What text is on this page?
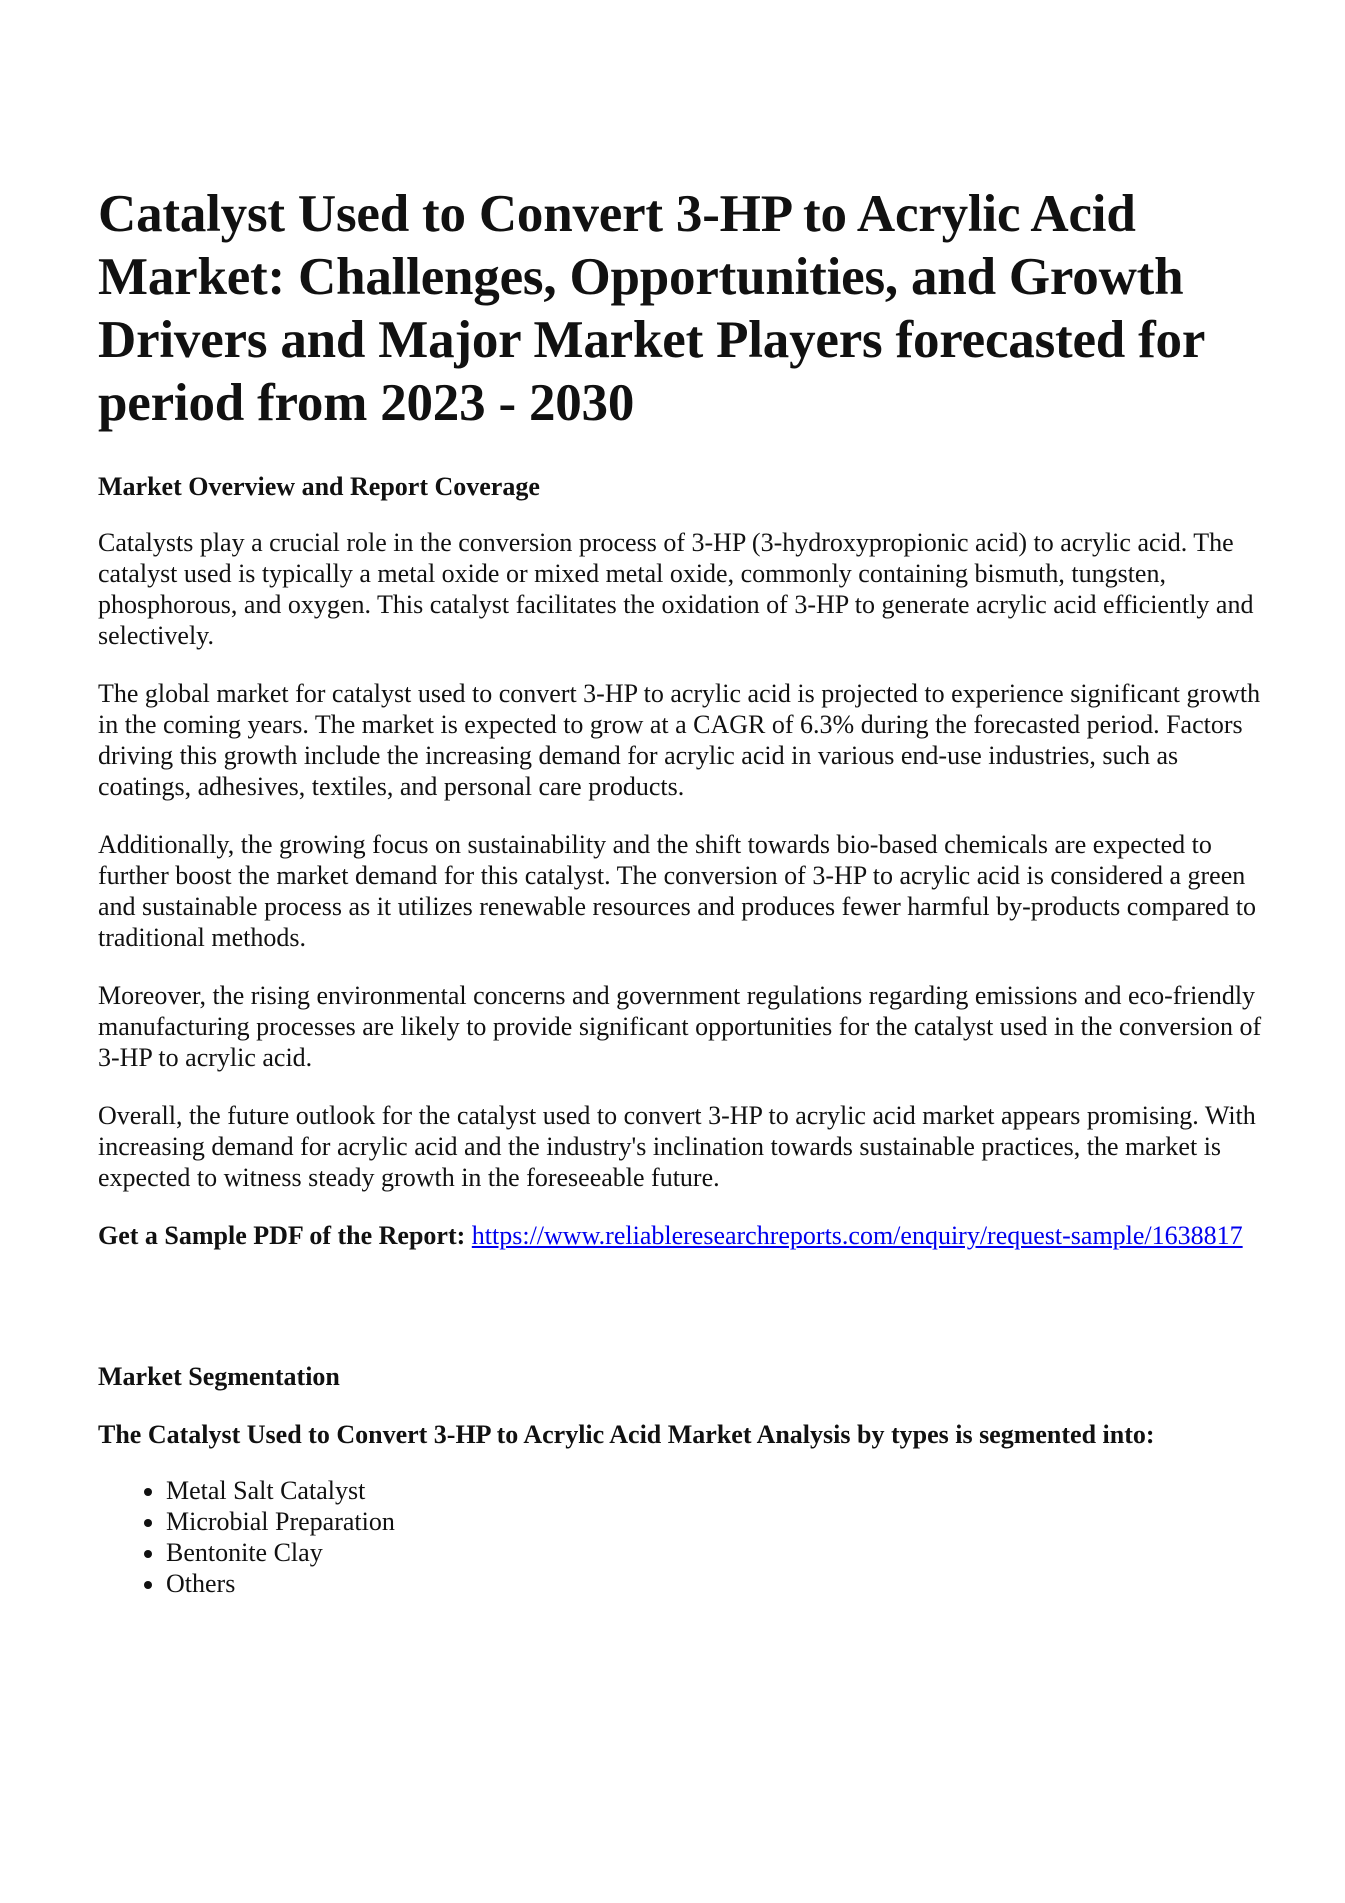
Catalyst Used to Convert 3-HP to Acrylic Acid Market: Challenges, Opportunities, and Growth Drivers and Major Market Players forecasted for period from 2023 - 2030
Market Overview and Report Coverage

Catalysts play a crucial role in the conversion process of 3-HP (3-hydroxypropionic acid) to acrylic acid. The catalyst used is typically a metal oxide or mixed metal oxide, commonly containing bismuth, tungsten, phosphorous, and oxygen. This catalyst facilitates the oxidation of 3-HP to generate acrylic acid efficiently and selectively.

The global market for catalyst used to convert 3-HP to acrylic acid is projected to experience significant growth in the coming years. The market is expected to grow at a CAGR of 6.3% during the forecasted period. Factors driving this growth include the increasing demand for acrylic acid in various end-use industries, such as coatings, adhesives, textiles, and personal care products.

Additionally, the growing focus on sustainability and the shift towards bio-based chemicals are expected to further boost the market demand for this catalyst. The conversion of 3-HP to acrylic acid is considered a green and sustainable process as it utilizes renewable resources and produces fewer harmful by-products compared to traditional methods.

Moreover, the rising environmental concerns and government regulations regarding emissions and eco-friendly manufacturing processes are likely to provide significant opportunities for the catalyst used in the conversion of 3-HP to acrylic acid.

Overall, the future outlook for the catalyst used to convert 3-HP to acrylic acid market appears promising. With increasing demand for acrylic acid and the industry's inclination towards sustainable practices, the market is expected to witness steady growth in the foreseeable future.

Get a Sample PDF of the Report: https://www.reliableresearchreports.com/enquiry/request-sample/1638817

Market Segmentation
The Catalyst Used to Convert 3-HP to Acrylic Acid Market Analysis by types is segmented into:
• Metal Salt Catalyst
• Microbial Preparation
• Bentonite Clay
• Others
